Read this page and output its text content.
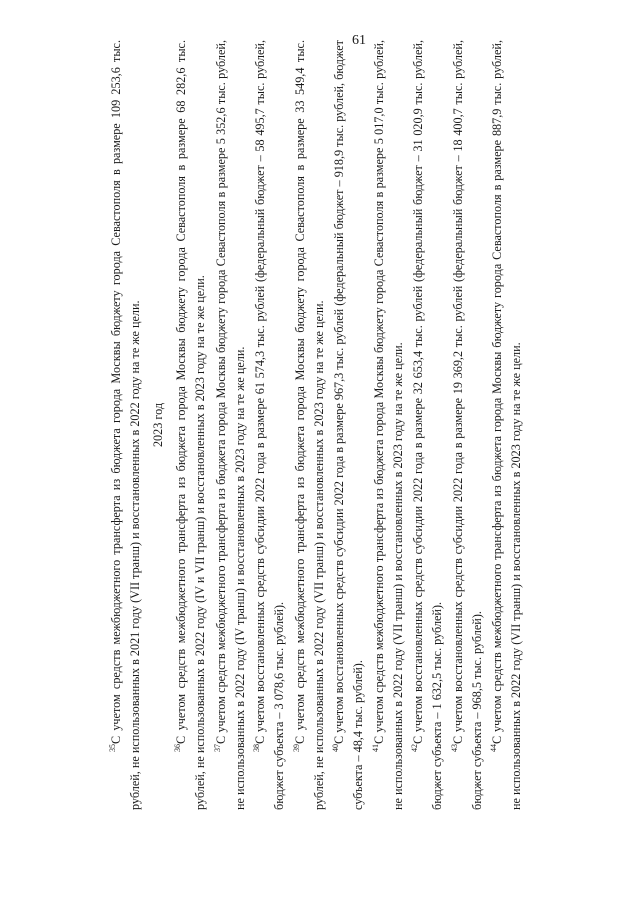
61

$^{35}$С учетом средств межбюджетного трансферта из бюджета города Москвы бюджету города Севастополя в размере 109 253,6 тыс. рублей, не использованных в 2021 году (VII транш) и восстановленных в 2022 году на те же цели. 2023 год

$^{36}$С учетом средств межбюджетного трансферта из бюджета города Москвы бюджету города Севастополя в размере 68 282,6 тыс. рублей, не использованных в 2022 году (IV и VII транш) и восстановленных в 2023 году на те же цели. $^{37}$С учетом средств межбюджетного трансферта из бюджета города Москвы бюджету города Севастополя в размере 5 352,6 тыс. рублей, не использованных в 2022 году (IV транш) и восстановленных в 2023 году на те же цели. $^{38}$С учетом восстановленных средств субсидии 2022 года в размере 61 574,3 тыс. рублей (федеральный бюджет – 58 495,7 тыс. рублей, бюджет субъекта – 3 078,6 тыс. рублей). $^{39}$С учетом средств межбюджетного трансферта из бюджета города Москвы бюджету города Севастополя в размере 33 549,4 тыс. рублей, не использованных в 2022 году (VII транш) и восстановленных в 2023 году на те же цели. $^{40}$С учетом восстановленных средств субсидии 2022 года в размере 967,3 тыс. рублей (федеральный бюджет – 918,9 тыс. рублей, бюджет субъекта – 48,4 тыс. рублей). $^{41}$С учетом средств межбюджетного трансферта из бюджета города Москвы бюджету города Севастополя в размере 5 017,0 тыс. рублей, не использованных в 2022 году (VII транш) и восстановленных в 2023 году на те же цели. $^{42}$С учетом восстановленных средств субсидии 2022 года в размере 32 653,4 тыс. рублей (федеральный бюджет – 31 020,9 тыс. рублей, бюджет субъекта – 1 632,5 тыс. рублей). $^{43}$С учетом восстановленных средств субсидии 2022 года в размере 19 369,2 тыс. рублей (федеральный бюджет – 18 400,7 тыс. рублей, бюджет субъекта – 968,5 тыс. рублей). $^{44}$С учетом средств межбюджетного трансферта из бюджета города Москвы бюджету города Севастополя в размере 887,9 тыс. рублей, не использованных в 2022 году (VII транш) и восстановленных в 2023 году на те же цели.
